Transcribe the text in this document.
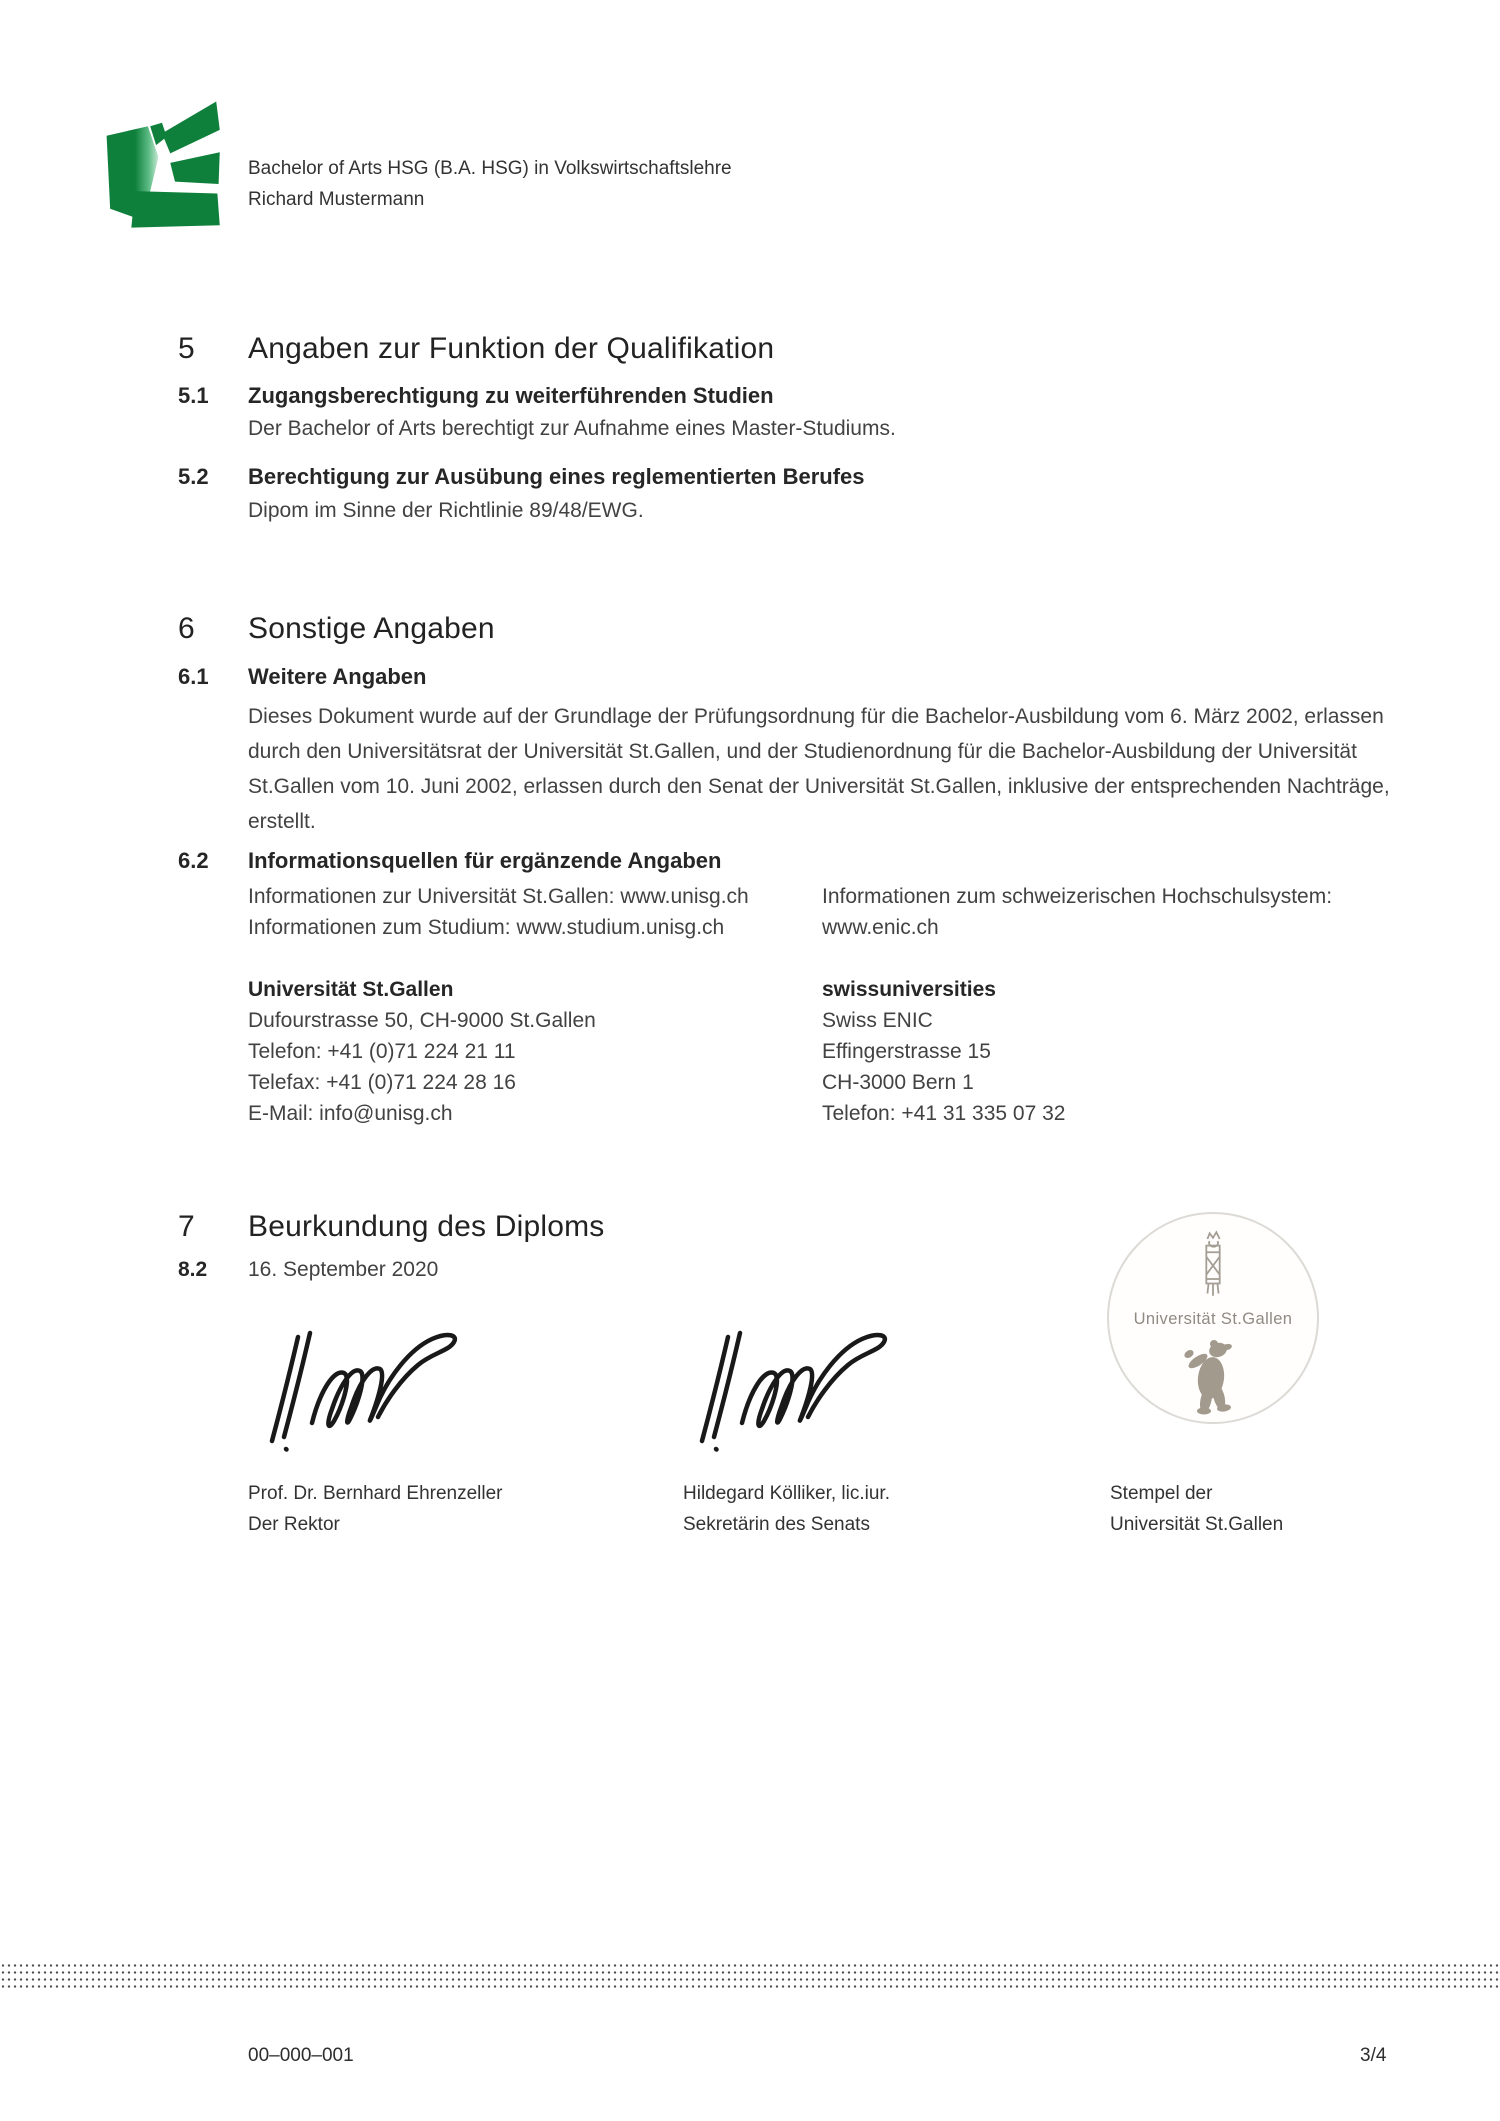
Bachelor of Arts HSG (B.A. HSG) in Volkswirtschaftslehre
Richard Mustermann
5 Angaben zur Funktion der Qualifikation
5.1 Zugangsberechtigung zu weiterführenden Studien
Der Bachelor of Arts berechtigt zur Aufnahme eines Master-Studiums.
5.2 Berechtigung zur Ausübung eines reglementierten Berufes
Dipom im Sinne der Richtlinie 89/48/EWG.
6 Sonstige Angaben
6.1 Weitere Angaben
Dieses Dokument wurde auf der Grundlage der Prüfungsordnung für die Bachelor-Ausbildung vom 6. März 2002, erlassen durch den Universitätsrat der Universität St.Gallen, und der Studienordnung für die Bachelor-Ausbildung der Universität St.Gallen vom 10. Juni 2002, erlassen durch den Senat der Universität St.Gallen, inklusive der entsprechenden Nachträge, erstellt.
6.2 Informationsquellen für ergänzende Angaben
Informationen zur Universität St.Gallen: www.unisg.ch
Informationen zum Studium: www.studium.unisg.ch
Informationen zum schweizerischen Hochschulsystem:
www.enic.ch
Universität St.Gallen
Dufourstrasse 50, CH-9000 St.Gallen
Telefon: +41 (0)71 224 21 11
Telefax: +41 (0)71 224 28 16
E-Mail: info@unisg.ch
swissuniversities
Swiss ENIC
Effingerstrasse 15
CH-3000 Bern 1
Telefon: +41 31 335 07 32
7 Beurkundung des Diploms
8.2 16. September 2020
Universität St.Gallen
Prof. Dr. Bernhard Ehrenzeller
Der Rektor
Hildegard Kölliker, lic.iur.
Sekretärin des Senats
Stempel der
Universität St.Gallen
00–000–001	3/4
